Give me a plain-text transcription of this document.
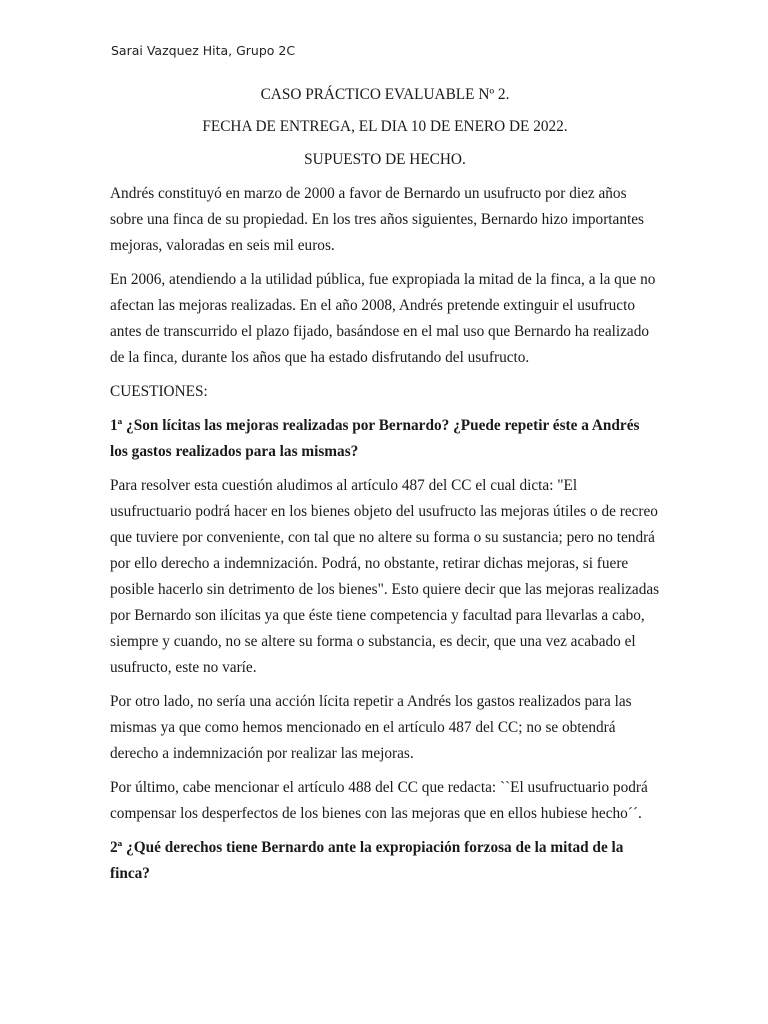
Sarai Vazquez Hita, Grupo 2C
CASO PRÁCTICO EVALUABLE Nº 2.
FECHA DE ENTREGA, EL DIA 10 DE ENERO DE 2022.
SUPUESTO DE HECHO.

Andrés constituyó en marzo de 2000 a favor de Bernardo un usufructo por diez años sobre una finca de su propiedad. En los tres años siguientes, Bernardo hizo importantes mejoras, valoradas en seis mil euros.

En 2006, atendiendo a la utilidad pública, fue expropiada la mitad de la finca, a la que no afectan las mejoras realizadas. En el año 2008, Andrés pretende extinguir el usufructo antes de transcurrido el plazo fijado, basándose en el mal uso que Bernardo ha realizado de la finca, durante los años que ha estado disfrutando del usufructo.

CUESTIONES:

1ª ¿Son lícitas las mejoras realizadas por Bernardo? ¿Puede repetir éste a Andrés los gastos realizados para las mismas?

Para resolver esta cuestión aludimos al artículo 487 del CC el cual dicta: "El usufructuario podrá hacer en los bienes objeto del usufructo las mejoras útiles o de recreo que tuviere por conveniente, con tal que no altere su forma o su sustancia; pero no tendrá por ello derecho a indemnización. Podrá, no obstante, retirar dichas mejoras, si fuere posible hacerlo sin detrimento de los bienes". Esto quiere decir que las mejoras realizadas por Bernardo son ilícitas ya que éste tiene competencia y facultad para llevarlas a cabo, siempre y cuando, no se altere su forma o substancia, es decir, que una vez acabado el usufructo, este no varíe.

Por otro lado, no sería una acción lícita repetir a Andrés los gastos realizados para las mismas ya que como hemos mencionado en el artículo 487 del CC; no se obtendrá derecho a indemnización por realizar las mejoras.

Por último, cabe mencionar el artículo 488 del CC que redacta: ``El usufructuario podrá compensar los desperfectos de los bienes con las mejoras que en ellos hubiese hecho´´.

2ª ¿Qué derechos tiene Bernardo ante la expropiación forzosa de la mitad de la finca?
